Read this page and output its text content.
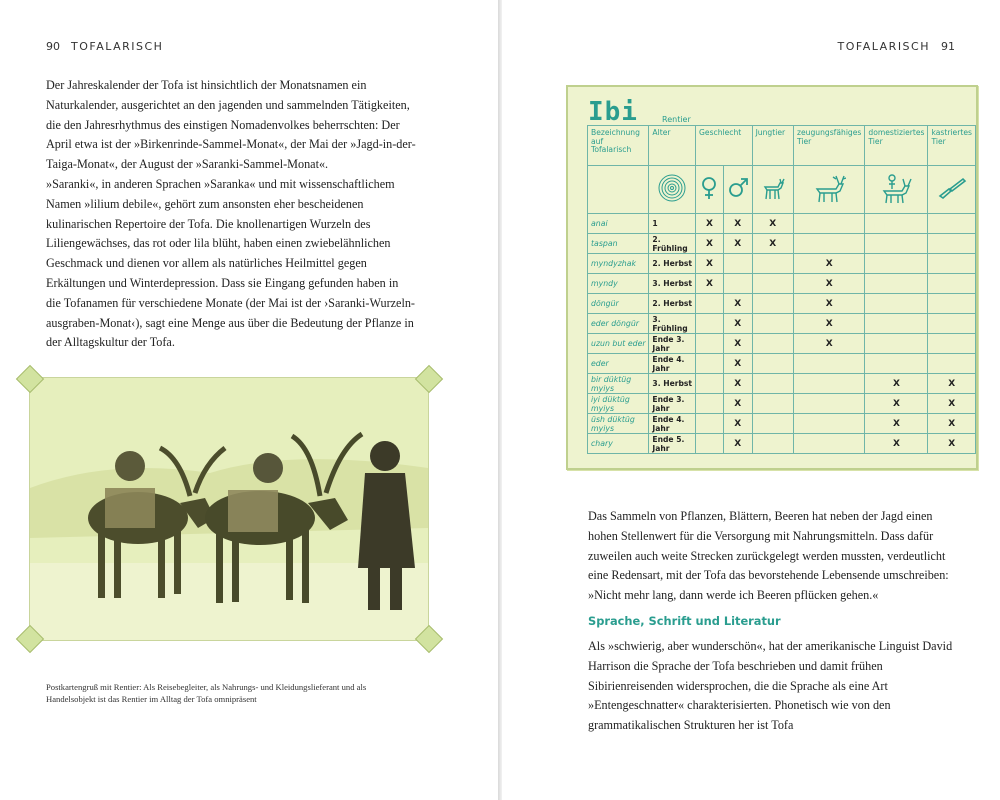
90 TOFALARISCH

Der Jahreskalender der Tofa ist hinsichtlich der Monatsnamen ein Naturkalender, ausgerichtet an den jagenden und sammelnden Tätigkeiten, die den Jahresrhythmus des einstigen Nomadenvolkes beherrschten: Der April etwa ist der »Birkenrinde-Sammel-Monat«, der Mai der »Jagd-in-der-Taiga-Monat«, der August der »Saranki-Sammel-Monat«.

»Saranki«, in anderen Sprachen »Saranka« und mit wissenschaftlichem Namen »lilium debile«, gehört zum ansonsten eher bescheidenen kulinarischen Repertoire der Tofa. Die knollenartigen Wurzeln des Liliengewächses, das rot oder lila blüht, haben einen zwiebelähnlichen Geschmack und dienen vor allem als natürliches Heilmittel gegen Erkältungen und Winterdepression. Dass sie Eingang gefunden haben in die Tofanamen für verschiedene Monate (der Mai ist der ›Saranki-Wurzeln-ausgraben-Monat‹), sagt eine Menge aus über die Bedeutung der Pflanze in der Alltagskultur der Tofa.

Postkartengruß mit Rentier: Als Reisebegleiter, als Nahrungs- und Kleidungslieferant und als Handelsobjekt ist das Rentier im Alltag der Tofa omnipräsent

TOFALARISCH 91
Ibi	Rentier
Bezeichnung auf Tofalarisch	Alter	Geschlecht		Jungtier	zeugungsfähiges Tier	domestiziertes Tier	kastriertes Tier

anai	1	X	X	X			
taspan	2. Frühling	X	X	X			
myndyzhak	2. Herbst	X			X		
myndy	3. Herbst	X			X		
döngür	2. Herbst		X		X		
eder döngür	3. Frühling		X		X		
uzun but eder	Ende 3. Jahr		X		X		
eder	Ende 4. Jahr		X				
bir düktüg myiys	3. Herbst		X			X	X
iyi düktüg myiys	Ende 3. Jahr		X			X	X
üsh düktüg myiys	Ende 4. Jahr		X			X	X
chary	Ende 5. Jahr		X			X	X
Das Sammeln von Pflanzen, Blättern, Beeren hat neben der Jagd einen hohen Stellenwert für die Versorgung mit Nahrungsmitteln. Dass dafür zuweilen auch weite Strecken zurückgelegt werden mussten, verdeutlicht eine Redensart, mit der Tofa das bevorstehende Lebensende umschreiben: »Nicht mehr lang, dann werde ich Beeren pflücken gehen.«
Sprache, Schrift und Literatur
Als »schwierig, aber wunderschön«, hat der amerikanische Linguist David Harrison die Sprache der Tofa beschrieben und damit frühen Sibirienreisenden widersprochen, die die Sprache als eine Art »Entengeschnatter« charakterisierten. Phonetisch wie von den grammatikalischen Strukturen her ist Tofa
